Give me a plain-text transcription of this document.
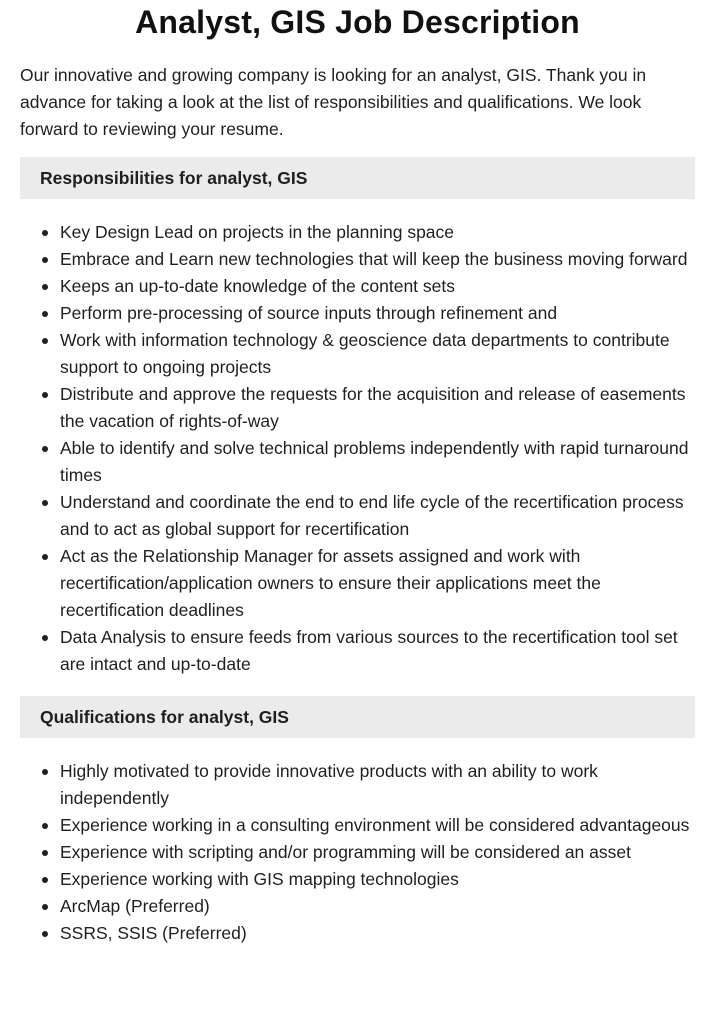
Analyst, GIS Job Description

Our innovative and growing company is looking for an analyst, GIS. Thank you in advance for taking a look at the list of responsibilities and qualifications. We look forward to reviewing your resume.

Responsibilities for analyst, GIS
Key Design Lead on projects in the planning space
Embrace and Learn new technologies that will keep the business moving forward
Keeps an up-to-date knowledge of the content sets
Perform pre-processing of source inputs through refinement and
Work with information technology & geoscience data departments to contribute support to ongoing projects
Distribute and approve the requests for the acquisition and release of easements the vacation of rights-of-way
Able to identify and solve technical problems independently with rapid turnaround times
Understand and coordinate the end to end life cycle of the recertification process and to act as global support for recertification
Act as the Relationship Manager for assets assigned and work with recertification/application owners to ensure their applications meet the recertification deadlines
Data Analysis to ensure feeds from various sources to the recertification tool set are intact and up-to-date
Qualifications for analyst, GIS
Highly motivated to provide innovative products with an ability to work independently
Experience working in a consulting environment will be considered advantageous
Experience with scripting and/or programming will be considered an asset
Experience working with GIS mapping technologies
ArcMap (Preferred)
SSRS, SSIS (Preferred)
